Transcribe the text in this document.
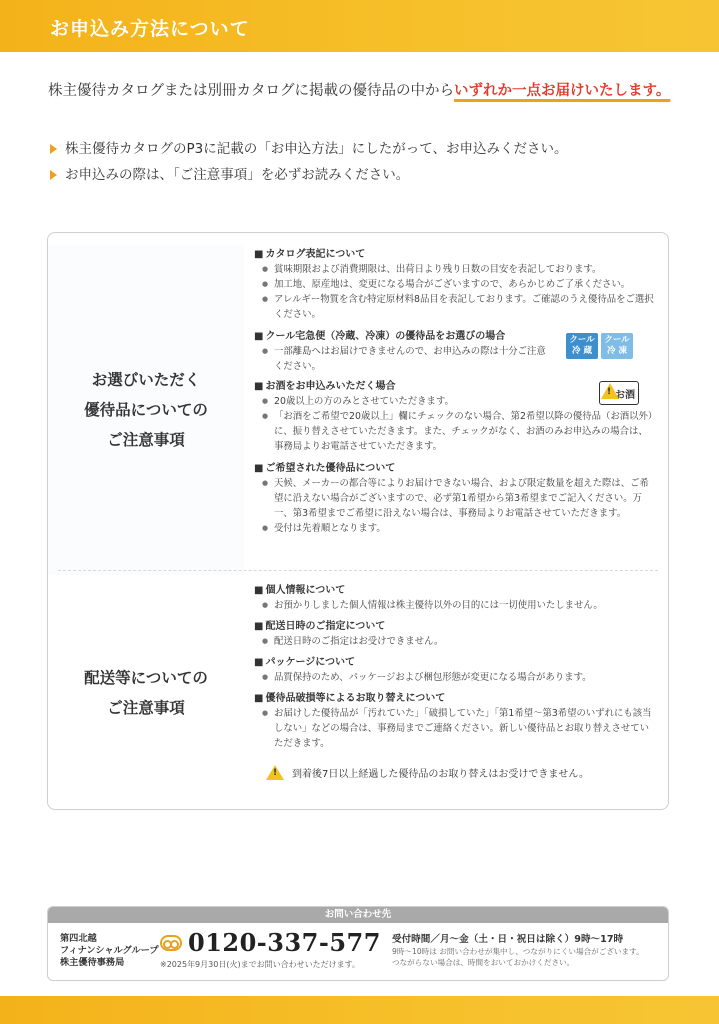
お申込み方法について
株主優待カタログまたは別冊カタログに掲載の優待品の中からいずれか一点お届けいたします。
株主優待カタログのP3に記載の「お申込方法」にしたがって、お申込みください。
お申込みの際は、「ご注意事項」を必ずお読みください。
お選びいただく
優待品についての
ご注意事項
■ カタログ表記について
● 賞味期限および消費期限は、出荷日より残り日数の目安を表記しております。
● 加工地、原産地は、変更になる場合がございますので、あらかじめご了承ください。
● アレルギー物質を含む特定原材料8品目を表記しております。ご確認のうえ優待品をご選択ください。
■ クール宅急便（冷蔵、冷凍）の優待品をお選びの場合
● 一部離島へはお届けできませんので、お申込みの際は十分ご注意ください。
クール
冷 蔵
クール
冷 凍
■ お酒をお申込みいただく場合
● 20歳以上の方のみとさせていただきます。
● 「お酒をご希望で20歳以上」欄にチェックのない場合、第2希望以降の優待品（お酒以外）に、振り替えさせていただきます。また、チェックがなく、お酒のみお申込みの場合は、事務局よりお電話させていただきます。
お酒
!
■ ご希望された優待品について
● 天候、メーカーの都合等によりお届けできない場合、および限定数量を超えた際は、ご希望に沿えない場合がございますので、必ず第1希望から第3希望までご記入ください。万一、第3希望までご希望に沿えない場合は、事務局よりお電話させていただきます。
● 受付は先着順となります。
配送等についての
ご注意事項
■ 個人情報について
● お預かりしました個人情報は株主優待以外の目的には一切使用いたしません。
■ 配送日時のご指定について
● 配送日時のご指定はお受けできません。
■ パッケージについて
● 品質保持のため、パッケージおよび梱包形態が変更になる場合があります。
■ 優待品破損等によるお取り替えについて
● お届けした優待品が「汚れていた」「破損していた」「第1希望～第3希望のいずれにも該当しない」などの場合は、事務局までご連絡ください。新しい優待品とお取り替えさせていただきます。
! 到着後7日以上経過した優待品のお取り替えはお受けできません。
お問い合わせ先
第四北越
フィナンシャルグループ
株主優待事務局
0120-337-577
※2025年9月30日(火)までお問い合わせいただけます。
受付時間／月～金（土・日・祝日は除く）9時～17時
9時～10時は お問い合わせが集中し、つながりにくい場合がございます。
つながらない場合は、時間をおいておかけください。
